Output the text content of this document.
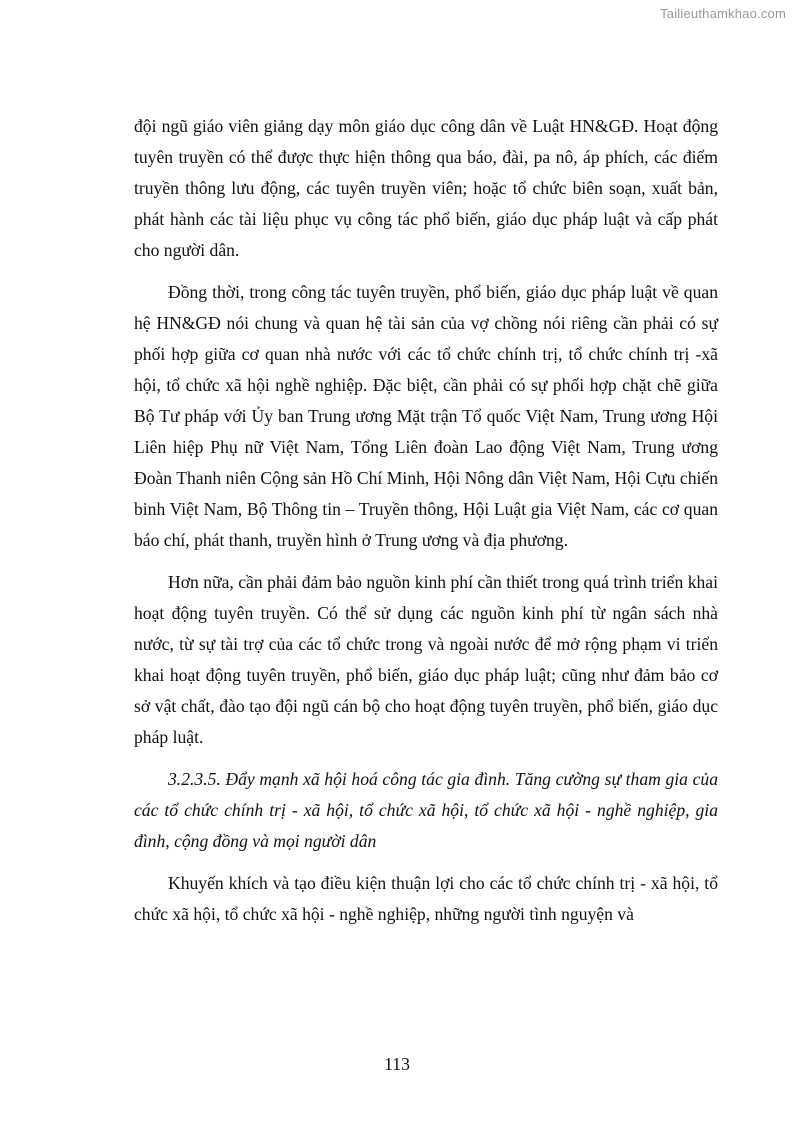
Tailieuthamkhao.com

đội ngũ giáo viên giảng dạy môn giáo dục công dân về Luật HN&GĐ. Hoạt động tuyên truyền có thể được thực hiện thông qua báo, đài, pa nô, áp phích, các điểm truyền thông lưu động, các tuyên truyền viên; hoặc tổ chức biên soạn, xuất bản, phát hành các tài liệu phục vụ công tác phổ biến, giáo dục pháp luật và cấp phát cho người dân.

Đồng thời, trong công tác tuyên truyền, phổ biến, giáo dục pháp luật về quan hệ HN&GĐ nói chung và quan hệ tài sản của vợ chồng nói riêng cần phải có sự phối hợp giữa cơ quan nhà nước với các tổ chức chính trị, tổ chức chính trị -xã hội, tổ chức xã hội nghề nghiệp. Đặc biệt, cần phải có sự phối hợp chặt chẽ giữa Bộ Tư pháp với Ủy ban Trung ương Mặt trận Tổ quốc Việt Nam, Trung ương Hội Liên hiệp Phụ nữ Việt Nam, Tổng Liên đoàn Lao động Việt Nam, Trung ương Đoàn Thanh niên Cộng sản Hồ Chí Minh, Hội Nông dân Việt Nam, Hội Cựu chiến binh Việt Nam, Bộ Thông tin – Truyền thông, Hội Luật gia Việt Nam, các cơ quan báo chí, phát thanh, truyền hình ở Trung ương và địa phương.

Hơn nữa, cần phải đảm bảo nguồn kinh phí cần thiết trong quá trình triển khai hoạt động tuyên truyền. Có thể sử dụng các nguồn kinh phí từ ngân sách nhà nước, từ sự tài trợ của các tổ chức trong và ngoài nước để mở rộng phạm vi triển khai hoạt động tuyên truyền, phổ biến, giáo dục pháp luật; cũng như đảm bảo cơ sở vật chất, đào tạo đội ngũ cán bộ cho hoạt động tuyên truyền, phổ biến, giáo dục pháp luật.

3.2.3.5. Đẩy mạnh xã hội hoá công tác gia đình. Tăng cường sự tham gia của các tổ chức chính trị - xã hội, tổ chức xã hội, tổ chức xã hội - nghề nghiệp, gia đình, cộng đồng và mọi người dân

Khuyến khích và tạo điều kiện thuận lợi cho các tổ chức chính trị - xã hội, tổ chức xã hội, tổ chức xã hội - nghề nghiệp, những người tình nguyện và

113
